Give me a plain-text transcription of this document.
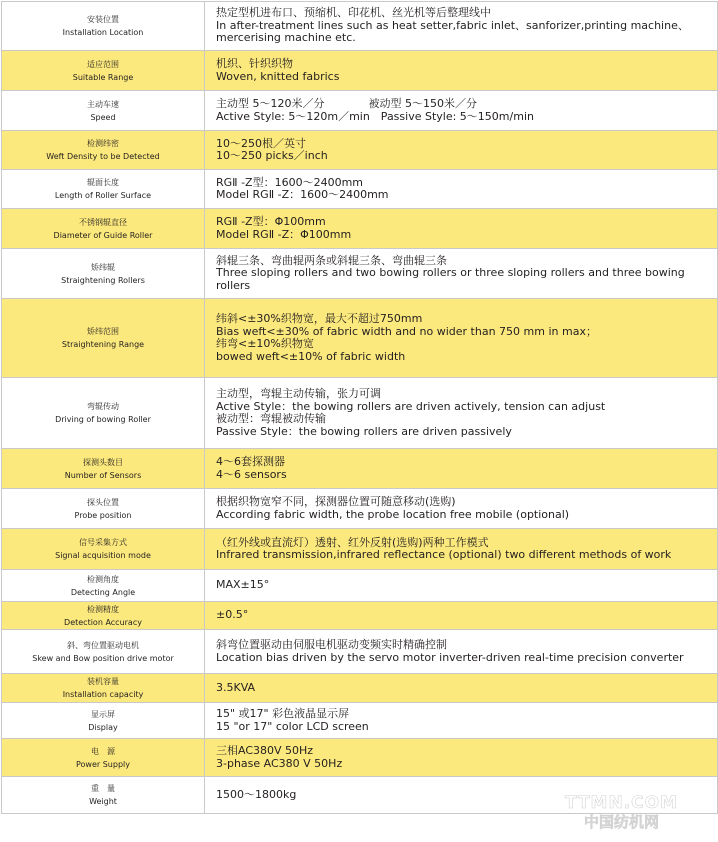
安装位置
Installation Location	热定型机进布口、预缩机、印花机、丝光机等后整理线中
In after-treatment lines such as heat setter,fabric inlet、sanforizer,printing machine、
mercerising machine etc.

适应范围
Suitable Range	机织、针织织物
Woven, knitted fabrics

主动车速
Speed	主动型 5～120米／分　　　　被动型 5～150米／分
Active Style: 5～120m／min　Passive Style: 5～150m/min

检测纬密
Weft Density to be Detected	10～250根／英寸
10～250 picks／inch

辊面长度
Length of Roller Surface	RGⅡ -Z型：1600～2400mm
Model RGⅡ -Z：1600～2400mm

不锈钢辊直径
Diameter of Guide Roller	RGⅡ -Z型：Φ100mm
Model RGⅡ -Z：Φ100mm

矫纬辊
Straightening Rollers	斜辊三条、弯曲辊两条或斜辊三条、弯曲辊三条
Three sloping rollers and two bowing rollers or three sloping rollers and three bowing
rollers

矫纬范围
Straightening Range	纬斜<±30%织物宽，最大不超过750mm
Bias weft<±30% of fabric width and no wider than 750 mm in max；
纬弯<±10%织物宽
bowed weft<±10% of fabric width

弯辊传动
Driving of bowing Roller	主动型，弯辊主动传输，张力可调
Active Style：the bowing rollers are driven actively, tension can adjust
被动型：弯辊被动传输
Passive Style：the bowing rollers are driven passively

探测头数目
Number of Sensors	4～6套探测器
4～6 sensors

探头位置
Probe position	根据织物宽窄不同，探测器位置可随意移动(选购)
According fabric width, the probe location free mobile (optional)

信号采集方式
Signal acquisition mode	（红外线或直流灯）透射、红外反射(选购)两种工作模式
Infrared transmission,infrared reflectance (optional) two different methods of work

检测角度
Detecting Angle	MAX±15°

检测精度
Detection Accuracy	±0.5°

斜、弯位置驱动电机
Skew and Bow position drive motor	斜弯位置驱动由伺服电机驱动变频实时精确控制
Location bias driven by the servo motor inverter-driven real-time precision converter

装机容量
Installation capacity	3.5KVA

显示屏
Display	15" 或17" 彩色液晶显示屏
15 "or 17" color LCD screen

电　源
Power Supply	三相AC380V 50Hz
3-phase AC380 V 50Hz

重　量
Weight	1500～1800kg	TTMN.COM
中国纺机网
